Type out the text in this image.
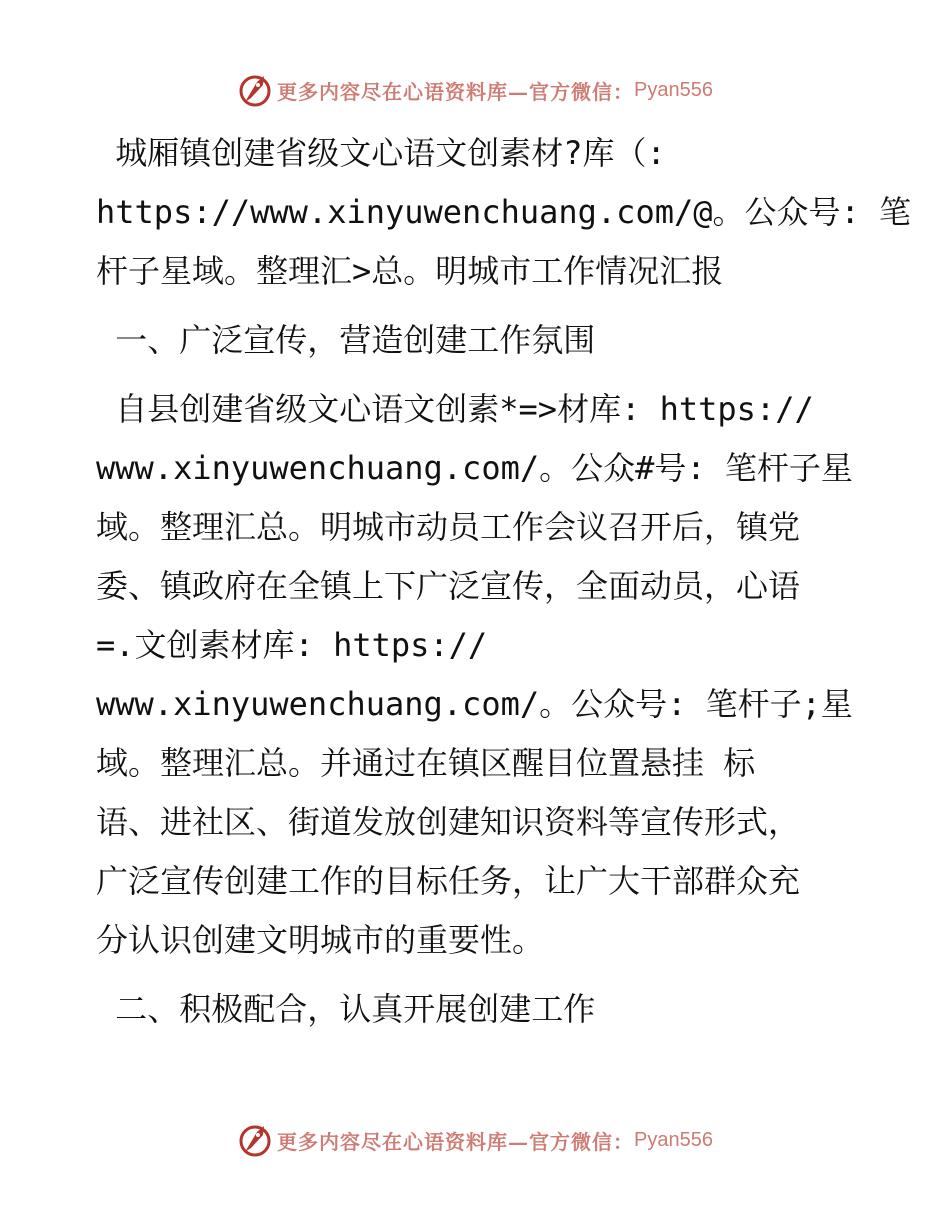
更多内容尽在心语资料库—官方微信： Pyan556
城厢镇创建省级文心语文创素材?库（:
https://www.xinyuwenchuang.com/@。公众号: 笔
杆子星域。整理汇>总。明城市工作情况汇报
一、广泛宣传，营造创建工作氛围
自县创建省级文心语文创素*=>材库: https://
www.xinyuwenchuang.com/。公众#号: 笔杆子星
域。整理汇总。明城市动员工作会议召开后，镇党
委、镇政府在全镇上下广泛宣传，全面动员，心语
=.文创素材库: https://
www.xinyuwenchuang.com/。公众号: 笔杆子;星
域。整理汇总。并通过在镇区醒目位置悬挂 标
语、进社区、街道发放创建知识资料等宣传形式，
广泛宣传创建工作的目标任务，让广大干部群众充
分认识创建文明城市的重要性。
二、积极配合，认真开展创建工作
更多内容尽在心语资料库—官方微信： Pyan556
